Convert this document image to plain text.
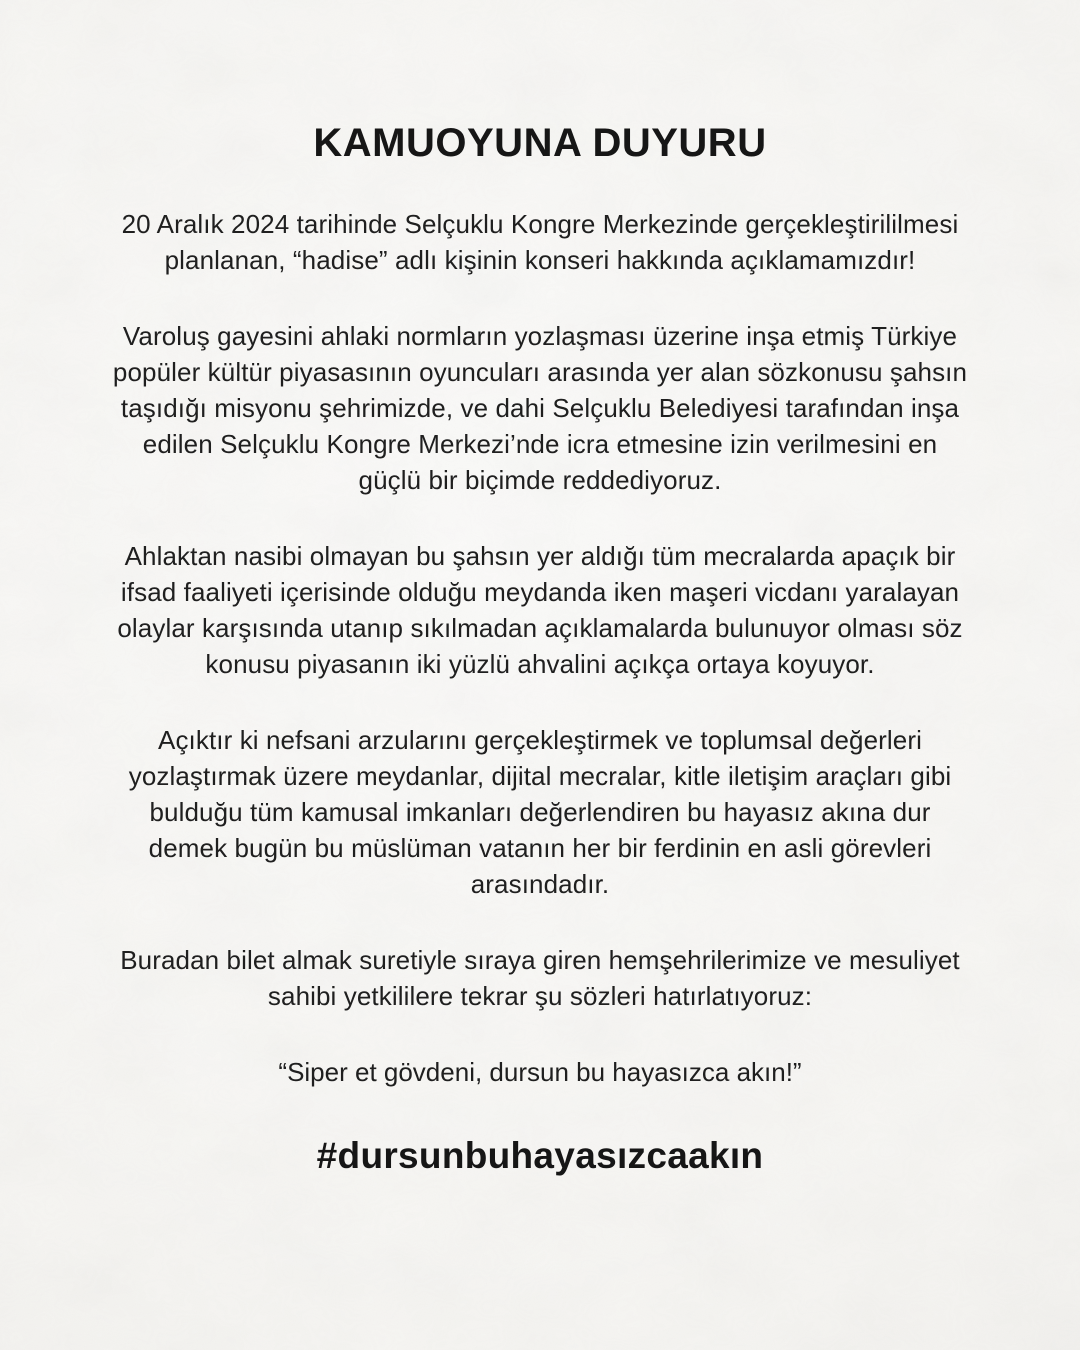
KAMUOYUNA DUYURU

20 Aralık 2024 tarihinde Selçuklu Kongre Merkezinde gerçekleştirililmesi planlanan, “hadise” adlı kişinin konseri hakkında açıklamamızdır!

Varoluş gayesini ahlaki normların yozlaşması üzerine inşa etmiş Türkiye popüler kültür piyasasının oyuncuları arasında yer alan sözkonusu şahsın taşıdığı misyonu şehrimizde, ve dahi Selçuklu Belediyesi tarafından inşa edilen Selçuklu Kongre Merkezi’nde icra etmesine izin verilmesini en güçlü bir biçimde reddediyoruz.

Ahlaktan nasibi olmayan bu şahsın yer aldığı tüm mecralarda apaçık bir ifsad faaliyeti içerisinde olduğu meydanda iken maşeri vicdanı yaralayan olaylar karşısında utanıp sıkılmadan açıklamalarda bulunuyor olması söz konusu piyasanın iki yüzlü ahvalini açıkça ortaya koyuyor.

Açıktır ki nefsani arzularını gerçekleştirmek ve toplumsal değerleri yozlaştırmak üzere meydanlar, dijital mecralar, kitle iletişim araçları gibi bulduğu tüm kamusal imkanları değerlendiren bu hayasız akına dur demek bugün bu müslüman vatanın her bir ferdinin en asli görevleri arasındadır.

Buradan bilet almak suretiyle sıraya giren hemşehrilerimize ve mesuliyet sahibi yetkililere tekrar şu sözleri hatırlatıyoruz:

“Siper et gövdeni, dursun bu hayasızca akın!”

#dursunbuhayasızcaakın
